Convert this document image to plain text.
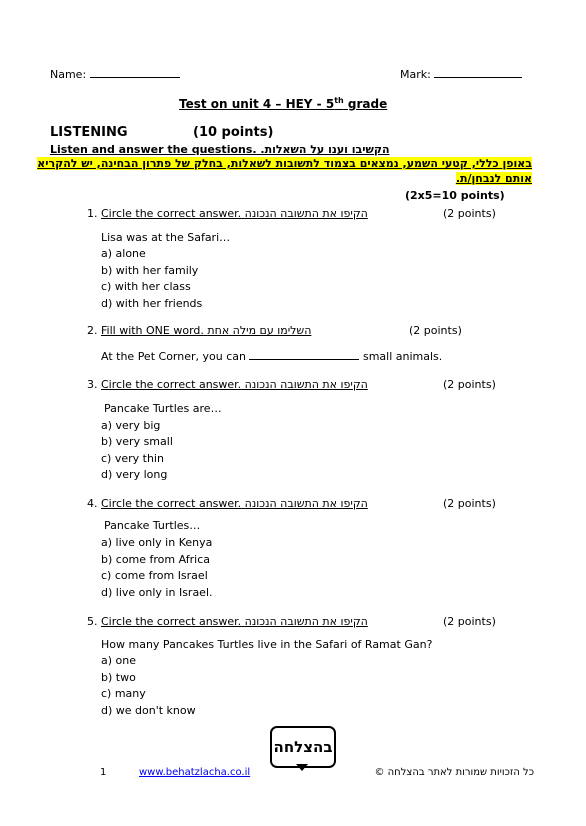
Name:	Mark:
Test on unit 4 – HEY - 5th grade
LISTENING	(10 points)
Listen and answer the questions. הקשיבו וענו על השאלות.
באופן כללי, קטעי השמע, נמצאים בצמוד לתשובות לשאלות, בחלק של פתרון הבחינה, יש להקריא
אותם לנבחן/ת.
(2x5=10 points)
1. Circle the correct answer. הקיפו את התשובה הנכונה	(2 points)
Lisa was at the Safari…
a) alone
b) with her family
c) with her class
d) with her friends
2. Fill with ONE word. השלימו עם מילה אחת	(2 points)
At the Pet Corner, you can	small animals.
3. Circle the correct answer. הקיפו את התשובה הנכונה	(2 points)
Pancake Turtles are…
a) very big
b) very small
c) very thin
d) very long
4. Circle the correct answer. הקיפו את התשובה הנכונה	(2 points)
Pancake Turtles…
a) live only in Kenya
b) come from Africa
c) come from Israel
d) live only in Israel.
5. Circle the correct answer. הקיפו את התשובה הנכונה	(2 points)
How many Pancakes Turtles live in the Safari of Ramat Gan?
a) one
b) two
c) many
d) we don't know
בהצלחה
1	www.behatzlacha.co.il	כל הזכויות שמורות לאתר בהצלחה ©
